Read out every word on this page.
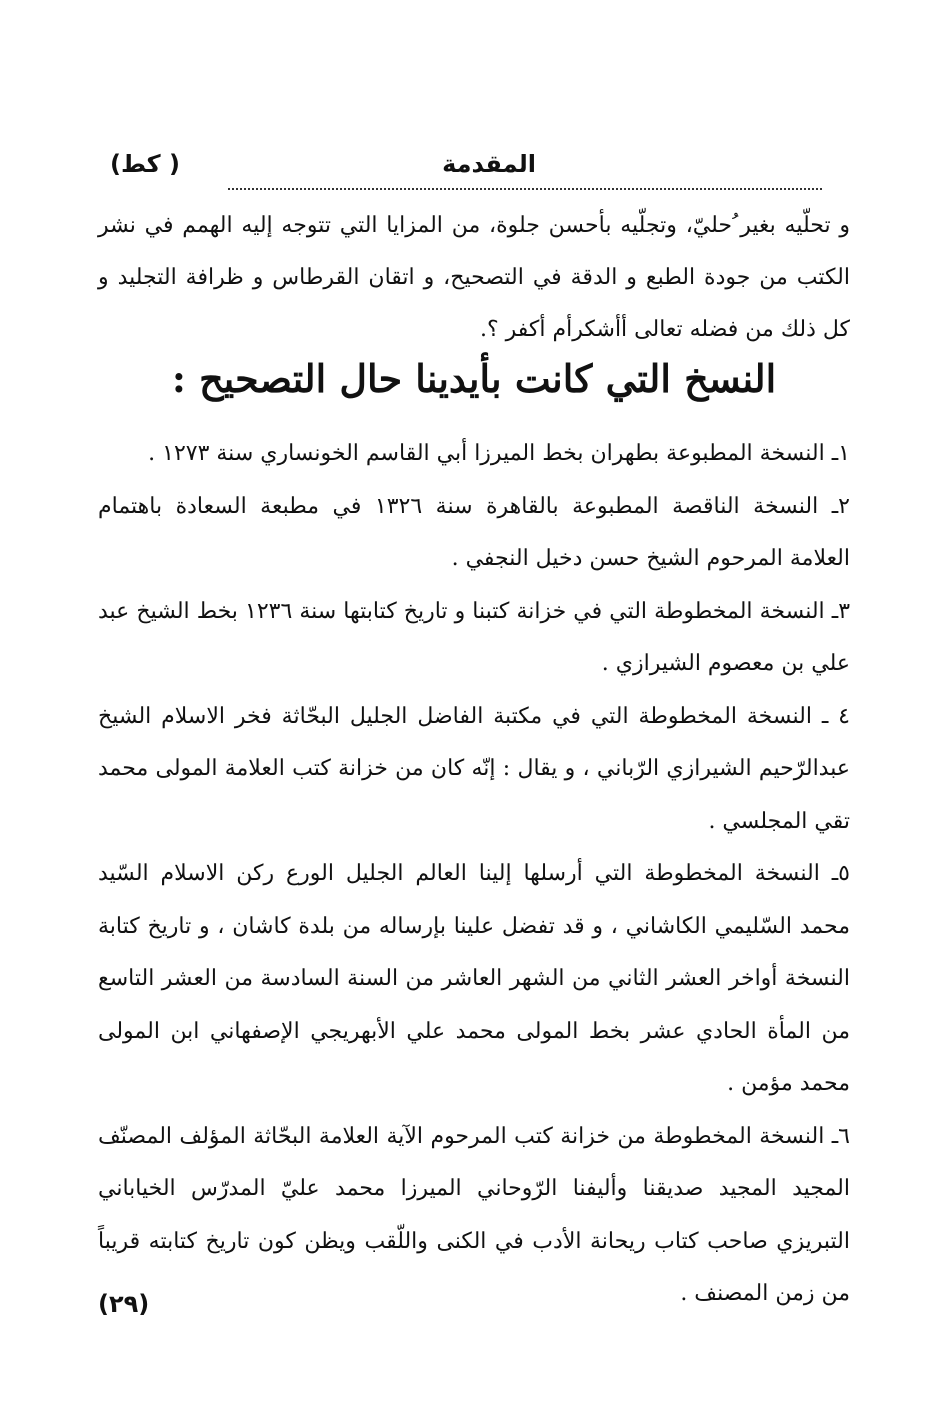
المقدمة
( كط)

و تحلّيه بغير ُحليّ، وتجلّيه بأحسن جلوة، من المزايا التي تتوجه إليه الهمم في نشر الكتب من جودة الطبع و الدقة في التصحيح، و اتقان القرطاس و ظرافة التجليد و كل ذلك من فضله تعالى أأشكرأم أكفر ؟.

النسخ التي كانت بأيدينا حال التصحيح :

١ـ النسخة المطبوعة بطهران بخط الميرزا أبي القاسم الخونساري سنة ١٢٧٣ .

٢ـ النسخة الناقصة المطبوعة بالقاهرة سنة ١٣٢٦ في مطبعة السعادة باهتمام العلامة المرحوم الشيخ حسن دخيل النجفي .

٣ـ النسخة المخطوطة التي في خزانة كتبنا و تاريخ كتابتها سنة ١٢٣٦ بخط الشيخ عبد علي بن معصوم الشيرازي .

٤ ـ النسخة المخطوطة التي في مكتبة الفاضل الجليل البحّاثة فخر الاسلام الشيخ عبدالرّحيم الشيرازي الرّباني ، و يقال : إنّه كان من خزانة كتب العلامة المولى محمد تقي المجلسي .

٥ـ النسخة المخطوطة التي أرسلها إلينا العالم الجليل الورع ركن الاسلام السّيد محمد السّليمي الكاشاني ، و قد تفضل علينا بإرساله من بلدة كاشان ، و تاريخ كتابة النسخة أواخر العشر الثاني من الشهر العاشر من السنة السادسة من العشر التاسع من المأة الحادي عشر بخط المولى محمد علي الأبهريجي الإصفهاني ابن المولى محمد مؤمن .

٦ـ النسخة المخطوطة من خزانة كتب المرحوم الآية العلامة البحّاثة المؤلف المصنّف المجيد المجيد صديقنا وأليفنا الرّوحاني الميرزا محمد عليّ المدرّس الخياباني التبريزي صاحب كتاب ريحانة الأدب في الكنى واللّقب ويظن كون تاريخ كتابته قريباً من زمن المصنف .

(٢٩)
